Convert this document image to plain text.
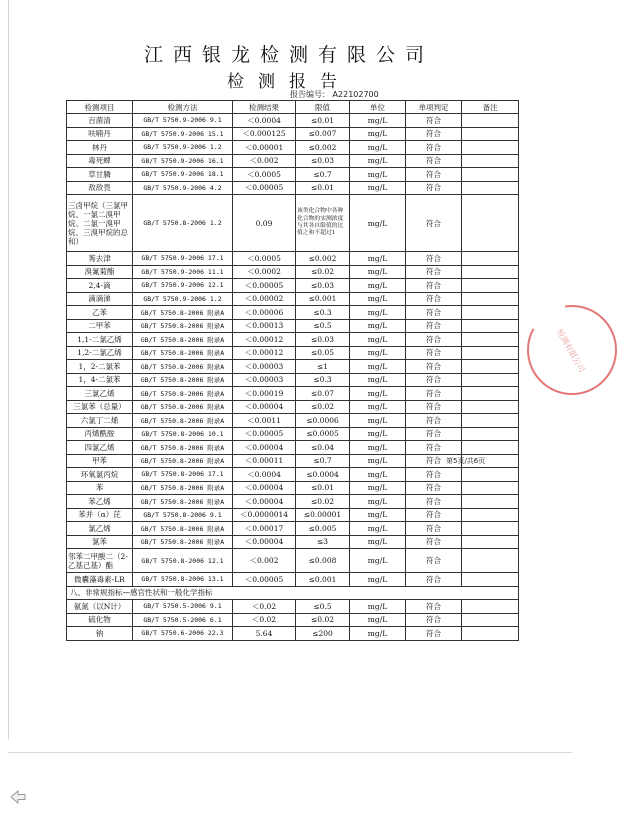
江西银龙检测有限公司
检测报告
报告编号： A22102700
检测项目	检测方法	检测结果	限值	单位	单项判定	备注
百菌清	GB/T 5750.9-2006 9.1	＜0.0004	≤0.01	mg/L	符合	
呋喃丹	GB/T 5750.9-2006 15.1	＜0.000125	≤0.007	mg/L	符合	
林丹	GB/T 5750.9-2006 1.2	＜0.00001	≤0.002	mg/L	符合	
毒死蜱	GB/T 5750.9-2006 16.1	＜0.002	≤0.03	mg/L	符合	
草甘膦	GB/T 5750.9-2006 18.1	＜0.0005	≤0.7	mg/L	符合	
敌敌畏	GB/T 5750.9-2006 4.2	＜0.00005	≤0.01	mg/L	符合	
三卤甲烷（三氯甲烷、一氯二溴甲烷、二氯一溴甲烷、三溴甲烷的总和）	GB/T 5750.8-2006 1.2	0.09	该类化合物中各种化合物的实测浓度与其各自限值的比值之和不超过1	mg/L	符合	
莠去津	GB/T 5750.9-2006 17.1	＜0.0005	≤0.002	mg/L	符合	
溴氰菊酯	GB/T 5750.9-2006 11.1	＜0.0002	≤0.02	mg/L	符合	
2,4-滴	GB/T 5750.9-2006 12.1	＜0.00005	≤0.03	mg/L	符合	
滴滴涕	GB/T 5750.9-2006 1.2	＜0.00002	≤0.001	mg/L	符合	
乙苯	GB/T 5750.8-2006 附录A	＜0.00006	≤0.3	mg/L	符合	
二甲苯	GB/T 5750.8-2006 附录A	＜0.00013	≤0.5	mg/L	符合	
1,1-二氯乙烯	GB/T 5750.8-2006 附录A	＜0.00012	≤0.03	mg/L	符合	
1,2-二氯乙烯	GB/T 5750.8-2006 附录A	＜0.00012	≤0.05	mg/L	符合	
1，2-二氯苯	GB/T 5750.8-2006 附录A	＜0.00003	≤1	mg/L	符合	
1，4-二氯苯	GB/T 5750.8-2006 附录A	＜0.00003	≤0.3	mg/L	符合	
三氯乙烯	GB/T 5750.8-2006 附录A	＜0.00019	≤0.07	mg/L	符合	
三氯苯（总量）	GB/T 5750.8-2006 附录A	＜0.00004	≤0.02	mg/L	符合	
六氯丁二烯	GB/T 5750.8-2006 附录A	＜0.0011	≤0.0006	mg/L	符合	
丙烯酰胺	GB/T 5750.8-2006 10.1	＜0.00005	≤0.0005	mg/L	符合	
四氯乙烯	GB/T 5750.8-2006 附录A	＜0.00004	≤0.04	mg/L	符合	
甲苯	GB/T 5750.8-2006 附录A	＜0.00011	≤0.7	mg/L	符合	
环氧氯丙烷	GB/T 5750.8-2006 17.1	＜0.0004	≤0.0004	mg/L	符合	
苯	GB/T 5750.8-2006 附录A	＜0.00004	≤0.01	mg/L	符合	
苯乙烯	GB/T 5750.8-2006 附录A	＜0.00004	≤0.02	mg/L	符合	
苯并（α）芘	GB/T 5750.8-2006 9.1	＜0.0000014	≤0.00001	mg/L	符合	
氯乙烯	GB/T 5750.8-2006 附录A	＜0.00017	≤0.005	mg/L	符合	
氯苯	GB/T 5750.8-2006 附录A	＜0.00004	≤3	mg/L	符合	
邻苯二甲酸二（2-乙基己基）酯	GB/T 5750.8-2006 12.1	＜0.002	≤0.008	mg/L	符合	
微囊藻毒素-LR	GB/T 5750.8-2006 13.1	＜0.00005	≤0.001	mg/L	符合	
八、非常规指标—感官性状和一般化学指标						
氨氮（以N计）	GB/T 5750.5-2006 9.1	＜0.02	≤0.5	mg/L	符合	
硫化物	GB/T 5750.5-2006 6.1	＜0.02	≤0.02	mg/L	符合	
钠	GB/T 5750.6-2006 22.3	5.64	≤200	mg/L	符合	
第5页/共6页
检测有限公司
